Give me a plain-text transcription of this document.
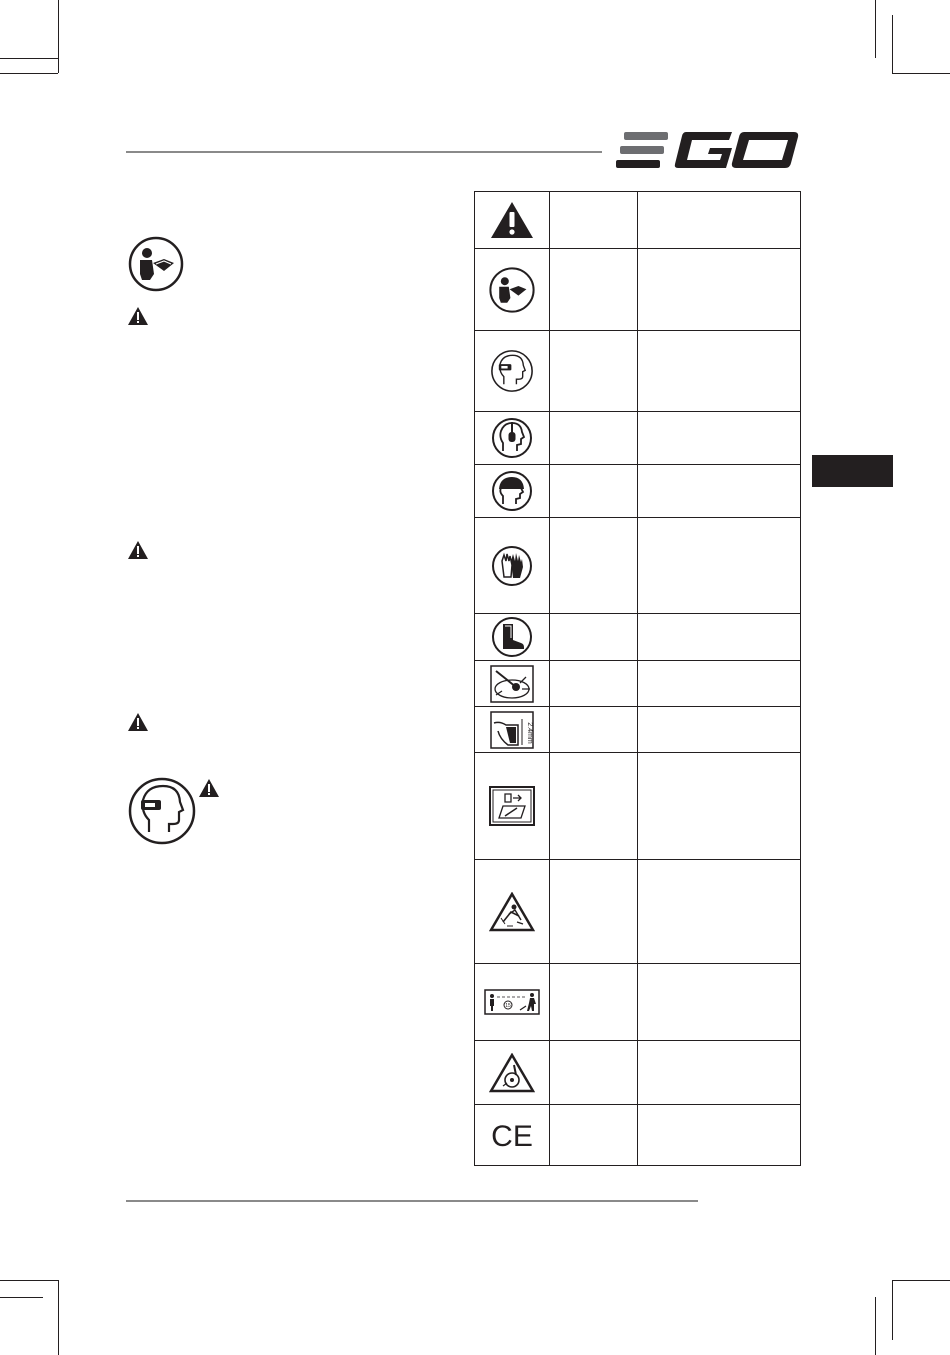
2.4mm		

15		

CE		
